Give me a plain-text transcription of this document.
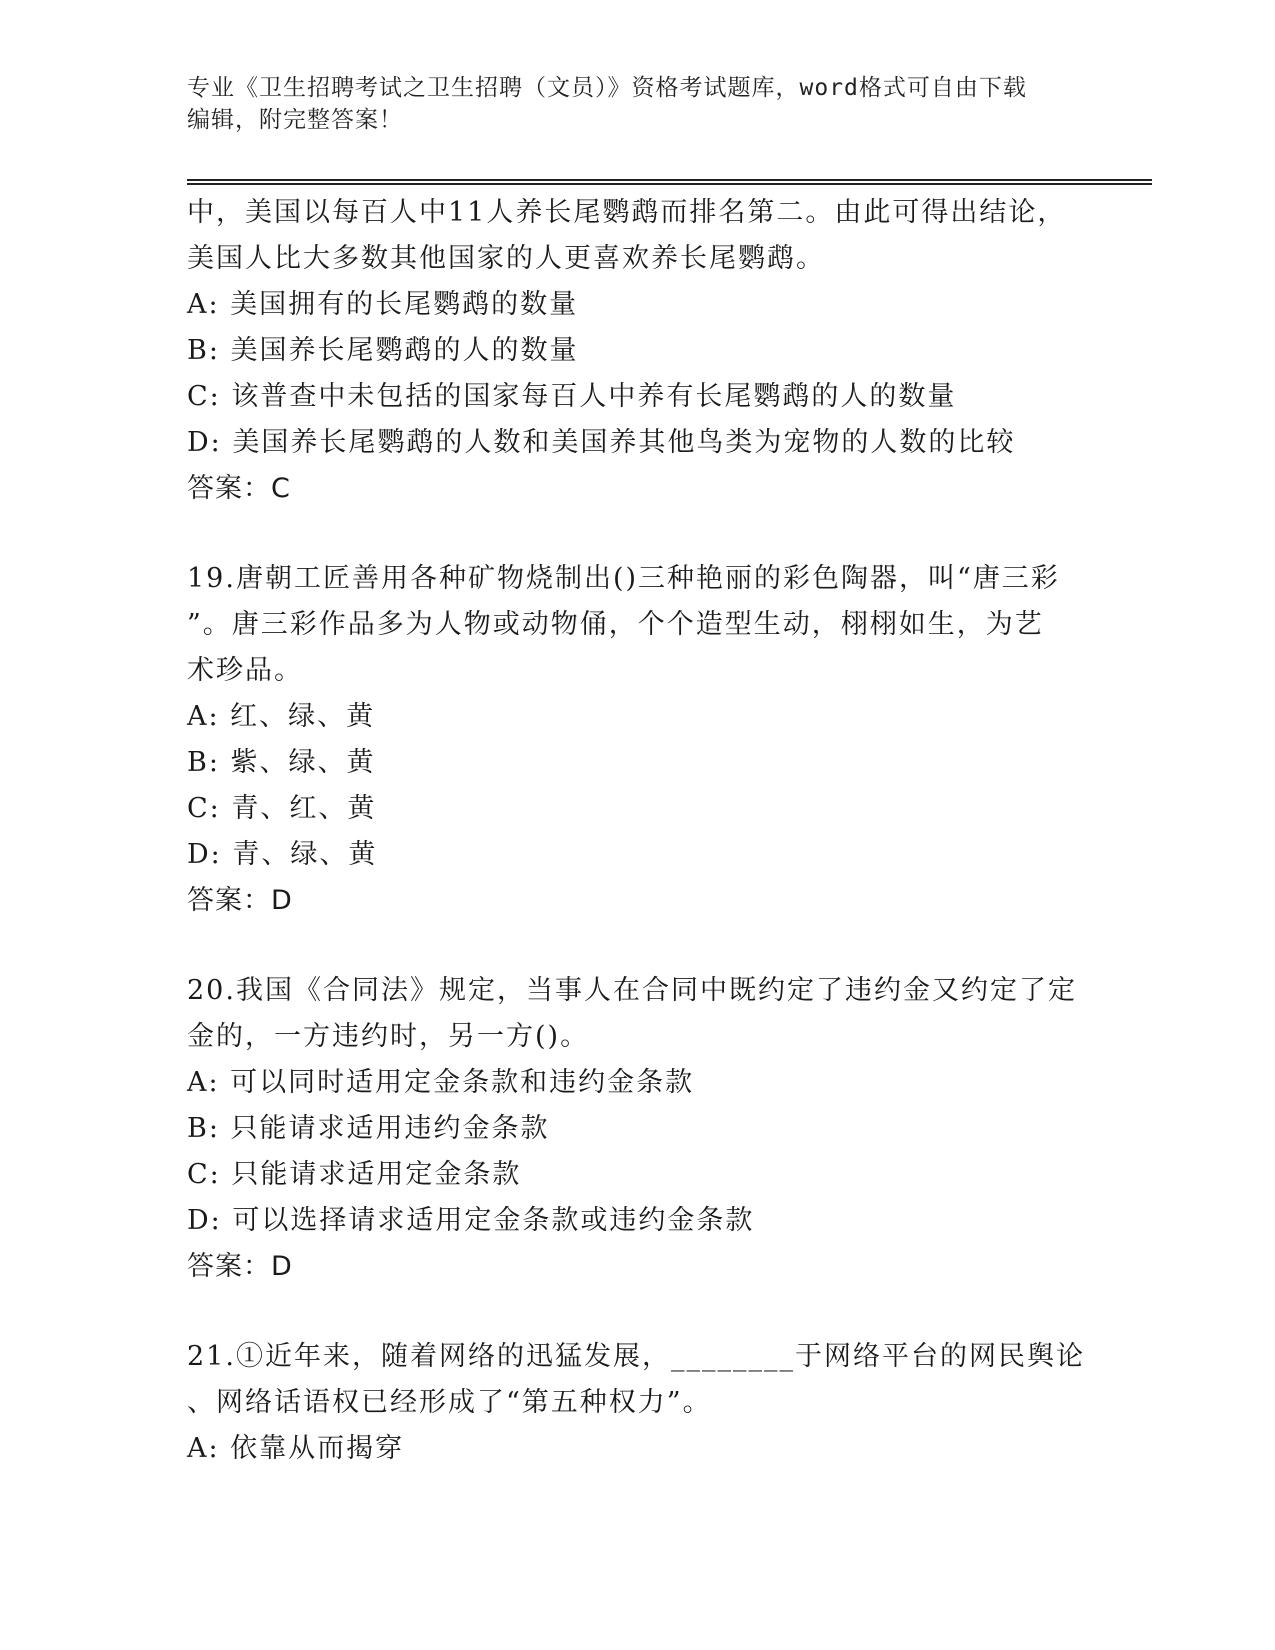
专业《卫生招聘考试之卫生招聘（文员）》资格考试题库，word格式可自由下载
编辑，附完整答案！
中，美国以每百人中11人养长尾鹦鹉而排名第二。由此可得出结论，
美国人比大多数其他国家的人更喜欢养长尾鹦鹉。
A: 美国拥有的长尾鹦鹉的数量
B: 美国养长尾鹦鹉的人的数量
C: 该普查中未包括的国家每百人中养有长尾鹦鹉的人的数量
D: 美国养长尾鹦鹉的人数和美国养其他鸟类为宠物的人数的比较
答案：C
19.唐朝工匠善用各种矿物烧制出()三种艳丽的彩色陶器，叫“唐三彩
”。唐三彩作品多为人物或动物俑，个个造型生动，栩栩如生，为艺
术珍品。
A: 红、绿、黄
B: 紫、绿、黄
C: 青、红、黄
D: 青、绿、黄
答案：D
20.我国《合同法》规定，当事人在合同中既约定了违约金又约定了定
金的，一方违约时，另一方()。
A: 可以同时适用定金条款和违约金条款
B: 只能请求适用违约金条款
C: 只能请求适用定金条款
D: 可以选择请求适用定金条款或违约金条款
答案：D
21.①近年来，随着网络的迅猛发展，________于网络平台的网民舆论
、网络话语权已经形成了“第五种权力”。
A: 依靠从而揭穿
